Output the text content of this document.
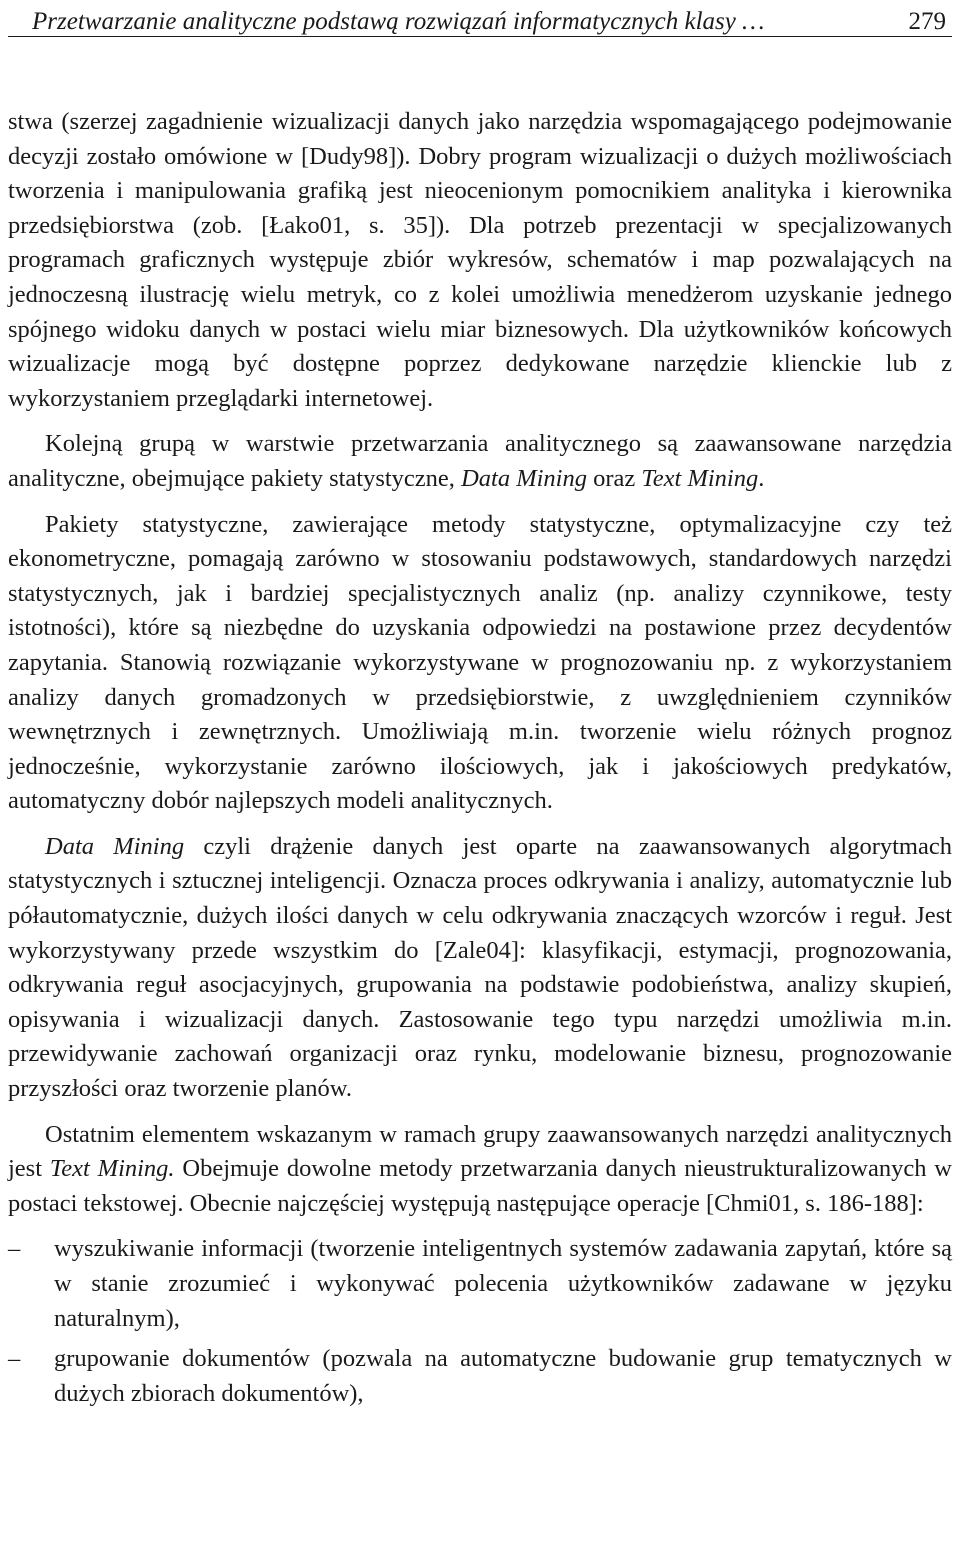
Przetwarzanie analityczne podstawą rozwiązań informatycznych klasy …	279

stwa (szerzej zagadnienie wizualizacji danych jako narzędzia wspomagającego podejmowanie decyzji zostało omówione w [Dudy98]). Dobry program wizualizacji o dużych możliwościach tworzenia i manipulowania grafiką jest nieocenionym pomocnikiem analityka i kierownika przedsiębiorstwa (zob. [Łako01, s. 35]). Dla potrzeb prezentacji w specjalizowanych programach graficznych występuje zbiór wykresów, schematów i map pozwalających na jednoczesną ilustrację wielu metryk, co z kolei umożliwia menedżerom uzyskanie jednego spójnego widoku danych w postaci wielu miar biznesowych. Dla użytkowników końcowych wizualizacje mogą być dostępne poprzez dedykowane narzędzie klienckie lub z wykorzystaniem przeglądarki internetowej.

Kolejną grupą w warstwie przetwarzania analitycznego są zaawansowane narzędzia analityczne, obejmujące pakiety statystyczne, Data Mining oraz Text Mining.

Pakiety statystyczne, zawierające metody statystyczne, optymalizacyjne czy też ekonometryczne, pomagają zarówno w stosowaniu podstawowych, standardowych narzędzi statystycznych, jak i bardziej specjalistycznych analiz (np. analizy czynnikowe, testy istotności), które są niezbędne do uzyskania odpowiedzi na postawione przez decydentów zapytania. Stanowią rozwiązanie wykorzystywane w prognozowaniu np. z wykorzystaniem analizy danych gromadzonych w przedsiębiorstwie, z uwzględnieniem czynników wewnętrznych i zewnętrznych. Umożliwiają m.in. tworzenie wielu różnych prognoz jednocześnie, wykorzystanie zarówno ilościowych, jak i jakościowych predykatów, automatyczny dobór najlepszych modeli analitycznych.

Data Mining czyli drążenie danych jest oparte na zaawansowanych algorytmach statystycznych i sztucznej inteligencji. Oznacza proces odkrywania i analizy, automatycznie lub półautomatycznie, dużych ilości danych w celu odkrywania znaczących wzorców i reguł. Jest wykorzystywany przede wszystkim do [Zale04]: klasyfikacji, estymacji, prognozowania, odkrywania reguł asocjacyjnych, grupowania na podstawie podobieństwa, analizy skupień, opisywania i wizualizacji danych. Zastosowanie tego typu narzędzi umożliwia m.in. przewidywanie zachowań organizacji oraz rynku, modelowanie biznesu, prognozowanie przyszłości oraz tworzenie planów.

Ostatnim elementem wskazanym w ramach grupy zaawansowanych narzędzi analitycznych jest Text Mining. Obejmuje dowolne metody przetwarzania danych nieustrukturalizowanych w postaci tekstowej. Obecnie najczęściej występują następujące operacje [Chmi01, s. 186-188]:

– wyszukiwanie informacji (tworzenie inteligentnych systemów zadawania zapytań, które są w stanie zrozumieć i wykonywać polecenia użytkowników zadawane w języku naturalnym),
– grupowanie dokumentów (pozwala na automatyczne budowanie grup tematycznych w dużych zbiorach dokumentów),
